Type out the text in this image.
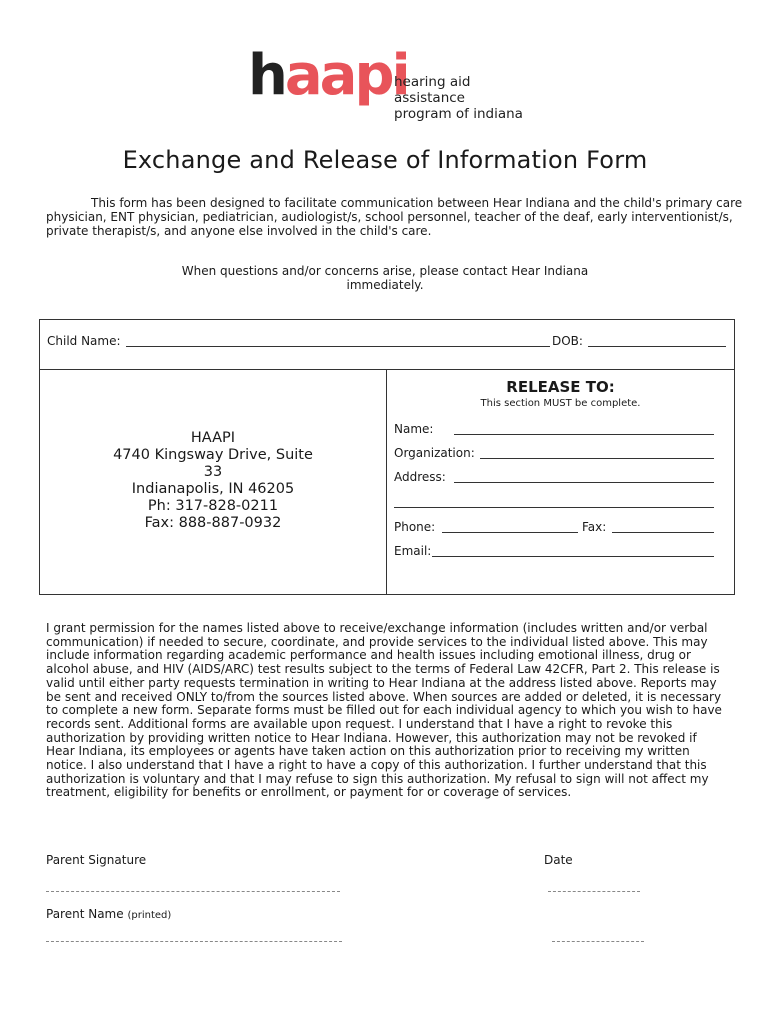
haapi
hearing aid assistance
program of indiana
Exchange and Release of Information Form
This form has been designed to facilitate communication between Hear Indiana and the child's primary care physician, ENT physician, pediatrician, audiologist/s, school personnel, teacher of the deaf, early interventionist/s, private therapist/s, and anyone else involved in the child's care.
When questions and/or concerns arise, please contact Hear Indiana
immediately.
Child Name:	DOB:
HAAPI
4740 Kingsway Drive, Suite
33
Indianapolis, IN 46205
Ph: 317-828-0211
Fax: 888-887-0932
RELEASE TO:
This section MUST be complete.
Name:
Organization:
Address:
Phone:	Fax:
Email:
I grant permission for the names listed above to receive/exchange information (includes written and/or verbal communication) if needed to secure, coordinate, and provide services to the individual listed above. This may include information regarding academic performance and health issues including emotional illness, drug or alcohol abuse, and HIV (AIDS/ARC) test results subject to the terms of Federal Law 42CFR, Part 2. This release is valid until either party requests termination in writing to Hear Indiana at the address listed above. Reports may be sent and received ONLY to/from the sources listed above. When sources are added or deleted, it is necessary to complete a new form. Separate forms must be filled out for each individual agency to which you wish to have records sent. Additional forms are available upon request. I understand that I have a right to revoke this authorization by providing written notice to Hear Indiana. However, this authorization may not be revoked if Hear Indiana, its employees or agents have taken action on this authorization prior to receiving my written notice. I also understand that I have a right to have a copy of this authorization. I further understand that this authorization is voluntary and that I may refuse to sign this authorization. My refusal to sign will not affect my treatment, eligibility for benefits or enrollment, or payment for or coverage of services.
Parent Signature	Date
Parent Name (printed)
